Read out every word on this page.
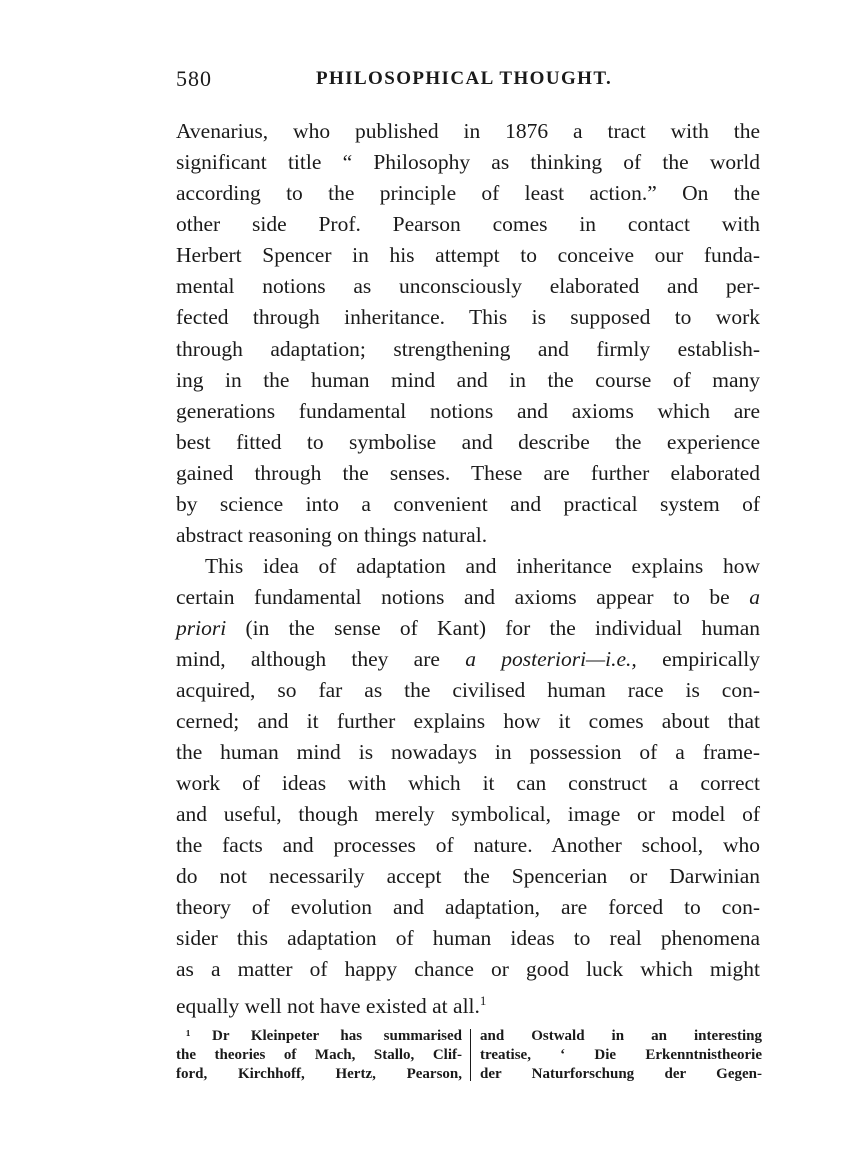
580	PHILOSOPHICAL THOUGHT.
Avenarius, who published in 1876 a tract with the
significant title “ Philosophy as thinking of the world
according to the principle of least action.” On the
other side Prof. Pearson comes in contact with
Herbert Spencer in his attempt to conceive our funda-
mental notions as unconsciously elaborated and per-
fected through inheritance. This is supposed to work
through adaptation; strengthening and firmly establish-
ing in the human mind and in the course of many
generations fundamental notions and axioms which are
best fitted to symbolise and describe the experience
gained through the senses. These are further elaborated
by science into a convenient and practical system of
abstract reasoning on things natural.
This idea of adaptation and inheritance explains how
certain fundamental notions and axioms appear to be a
priori (in the sense of Kant) for the individual human
mind, although they are a posteriori—i.e., empirically
acquired, so far as the civilised human race is con-
cerned; and it further explains how it comes about that
the human mind is nowadays in possession of a frame-
work of ideas with which it can construct a correct
and useful, though merely symbolical, image or model of
the facts and processes of nature. Another school, who
do not necessarily accept the Spencerian or Darwinian
theory of evolution and adaptation, are forced to con-
sider this adaptation of human ideas to real phenomena
as a matter of happy chance or good luck which might
equally well not have existed at all.$^1$
¹ Dr Kleinpeter has summarised
the theories of Mach, Stallo, Clif-
ford, Kirchhoff, Hertz, Pearson,
and Ostwald in an interesting
treatise, ‘ Die Erkenntnistheorie
der Naturforschung der Gegen-
